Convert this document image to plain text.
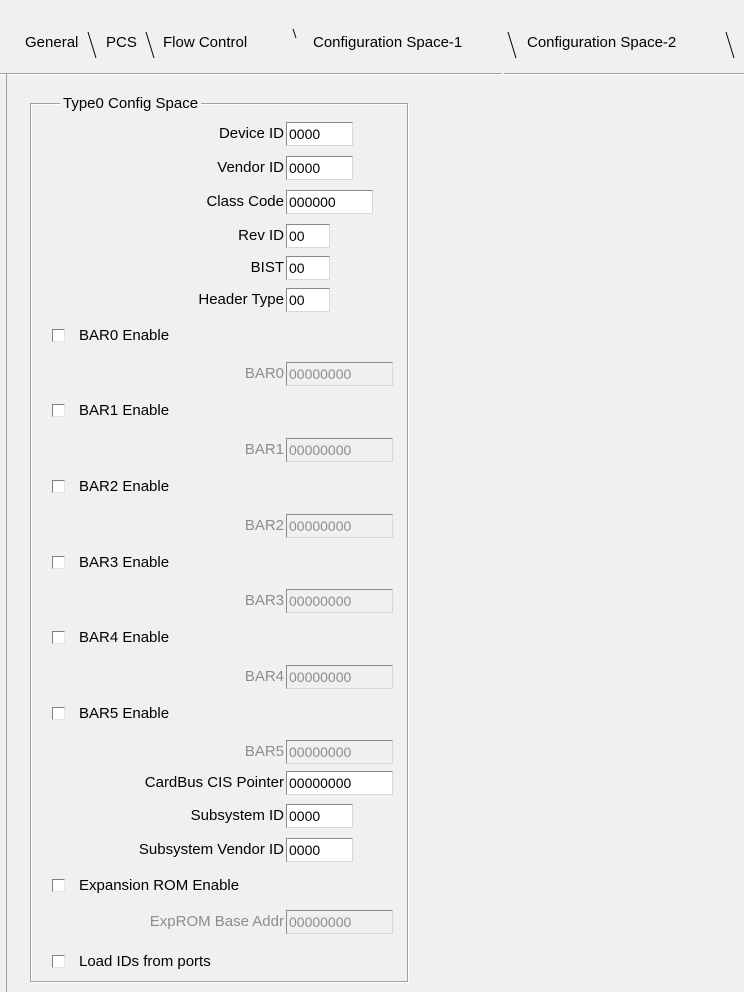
General PCS Flow Control	Configuration Space-1	Configuration Space-2
Type0 Config Space
Device ID 0000
Vendor ID 0000
Class Code 000000
Rev ID 00
BIST 00
Header Type 00
BAR0 Enable
BAR0 00000000
BAR1 Enable
BAR1 00000000
BAR2 Enable
BAR2 00000000
BAR3 Enable
BAR3 00000000
BAR4 Enable
BAR4 00000000
BAR5 Enable
BAR5 00000000
CardBus CIS Pointer 00000000
Subsystem ID 0000
Subsystem Vendor ID 0000
Expansion ROM Enable
ExpROM Base Addr 00000000
Load IDs from ports
